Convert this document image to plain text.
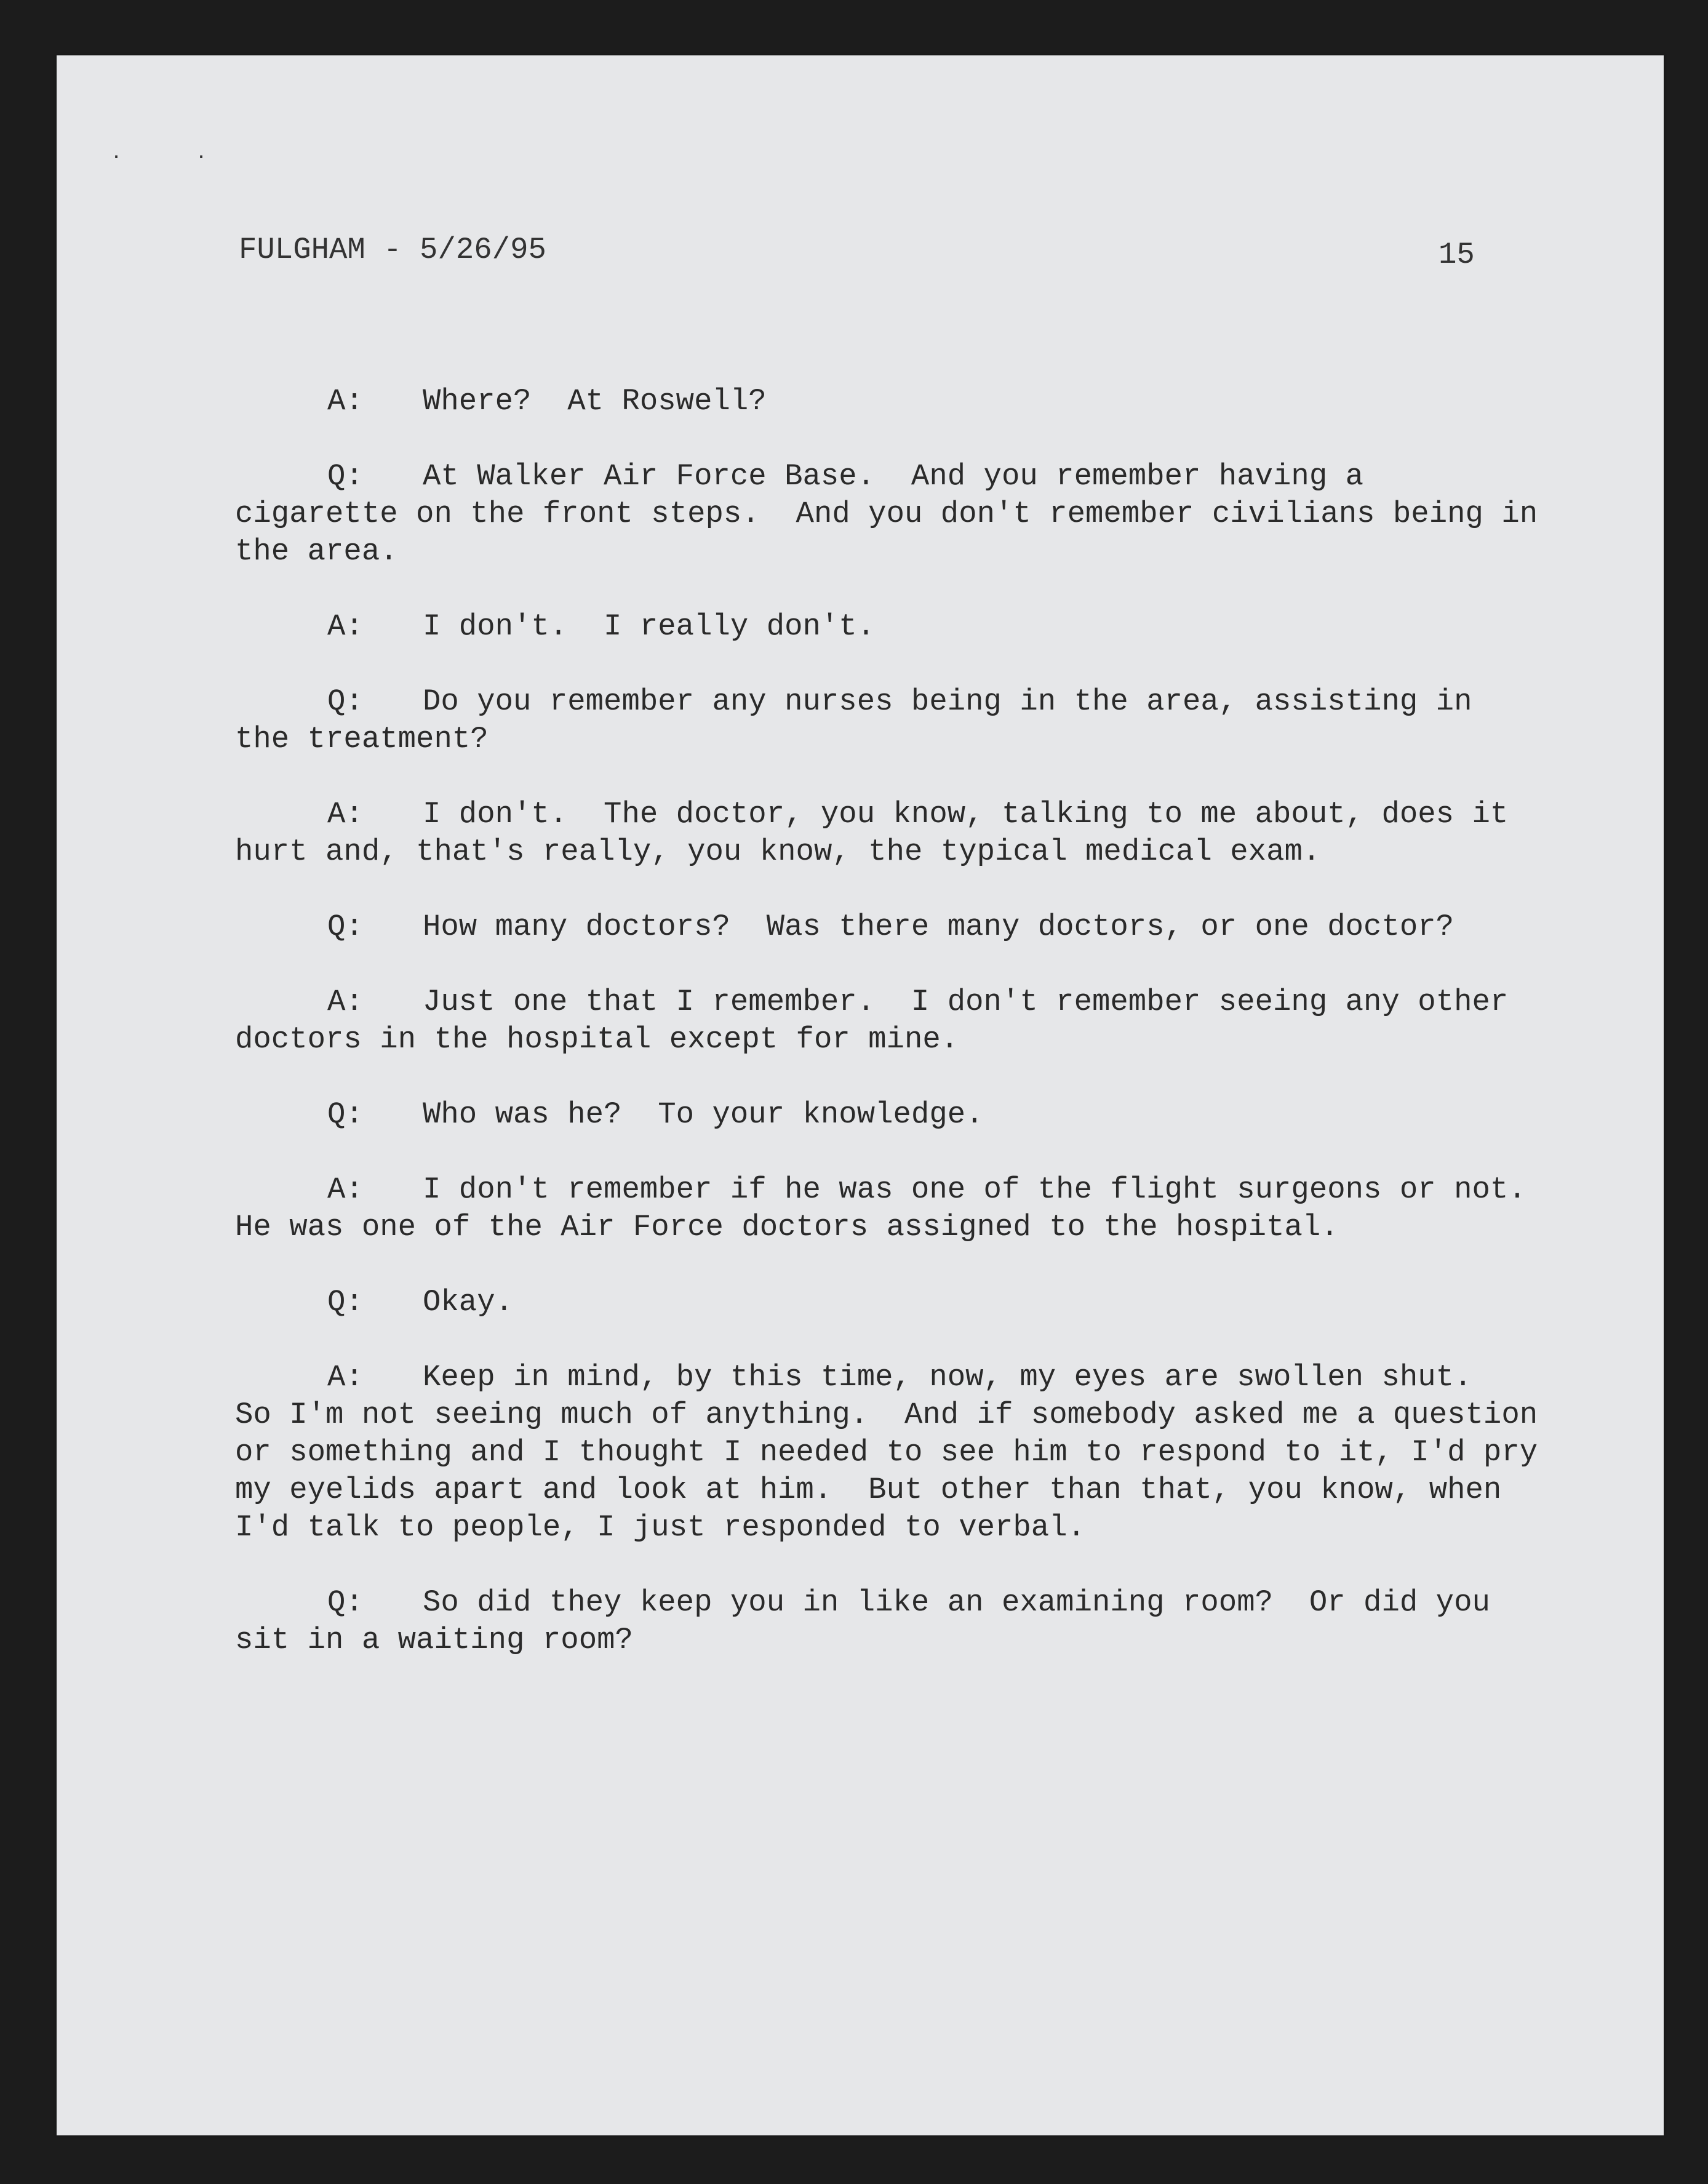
..
FULGHAM - 5/26/95	15

A: Where?  At Roswell?

Q: At Walker Air Force Base.  And you remember having a cigarette on the front steps.  And you don't remember civilians being in the area.

A: I don't.  I really don't.

Q: Do you remember any nurses being in the area, assisting in the treatment?

A: I don't.  The doctor, you know, talking to me about, does it hurt and, that's really, you know, the typical medical exam.

Q: How many doctors?  Was there many doctors, or one doctor?

A: Just one that I remember.  I don't remember seeing any other doctors in the hospital except for mine.

Q: Who was he?  To your knowledge.

A: I don't remember if he was one of the flight surgeons or not.  He was one of the Air Force doctors assigned to the hospital.

Q: Okay.

A: Keep in mind, by this time, now, my eyes are swollen shut.  So I'm not seeing much of anything.  And if somebody asked me a question or something and I thought I needed to see him to respond to it, I'd pry my eyelids apart and look at him.  But other than that, you know, when I'd talk to people, I just responded to verbal.

Q: So did they keep you in like an examining room?  Or did you sit in a waiting room?
